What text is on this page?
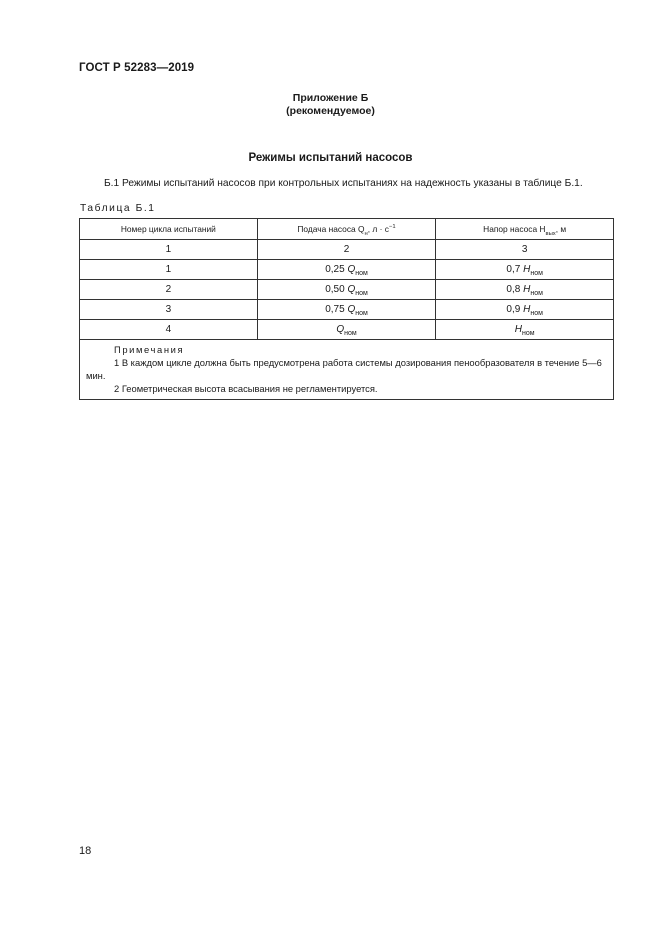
ГОСТ Р 52283—2019
Приложение Б
(рекомендуемое)
Режимы испытаний насосов
Б.1 Режимы испытаний насосов при контрольных испытаниях на надежность указаны в таблице Б.1.
Таблица Б.1
Номер цикла испытаний	Подача насоса $Q_н$, $л \cdot с^{-1}$	Напор насоса $H_{вых}$, м
1	2	3
1	0,25 $Q_{ном}$	0,7 $H_{ном}$
2	0,50 $Q_{ном}$	0,8 $H_{ном}$
3	0,75 $Q_{ном}$	0,9 $H_{ном}$
4	$Q_{ном}$	$H_{ном}$

Примечания

1 В каждом цикле должна быть предусмотрена работа системы дозирования пенообразователя в течение 5—6 мин.

2 Геометрическая высота всасывания не регламентируется.		

18
